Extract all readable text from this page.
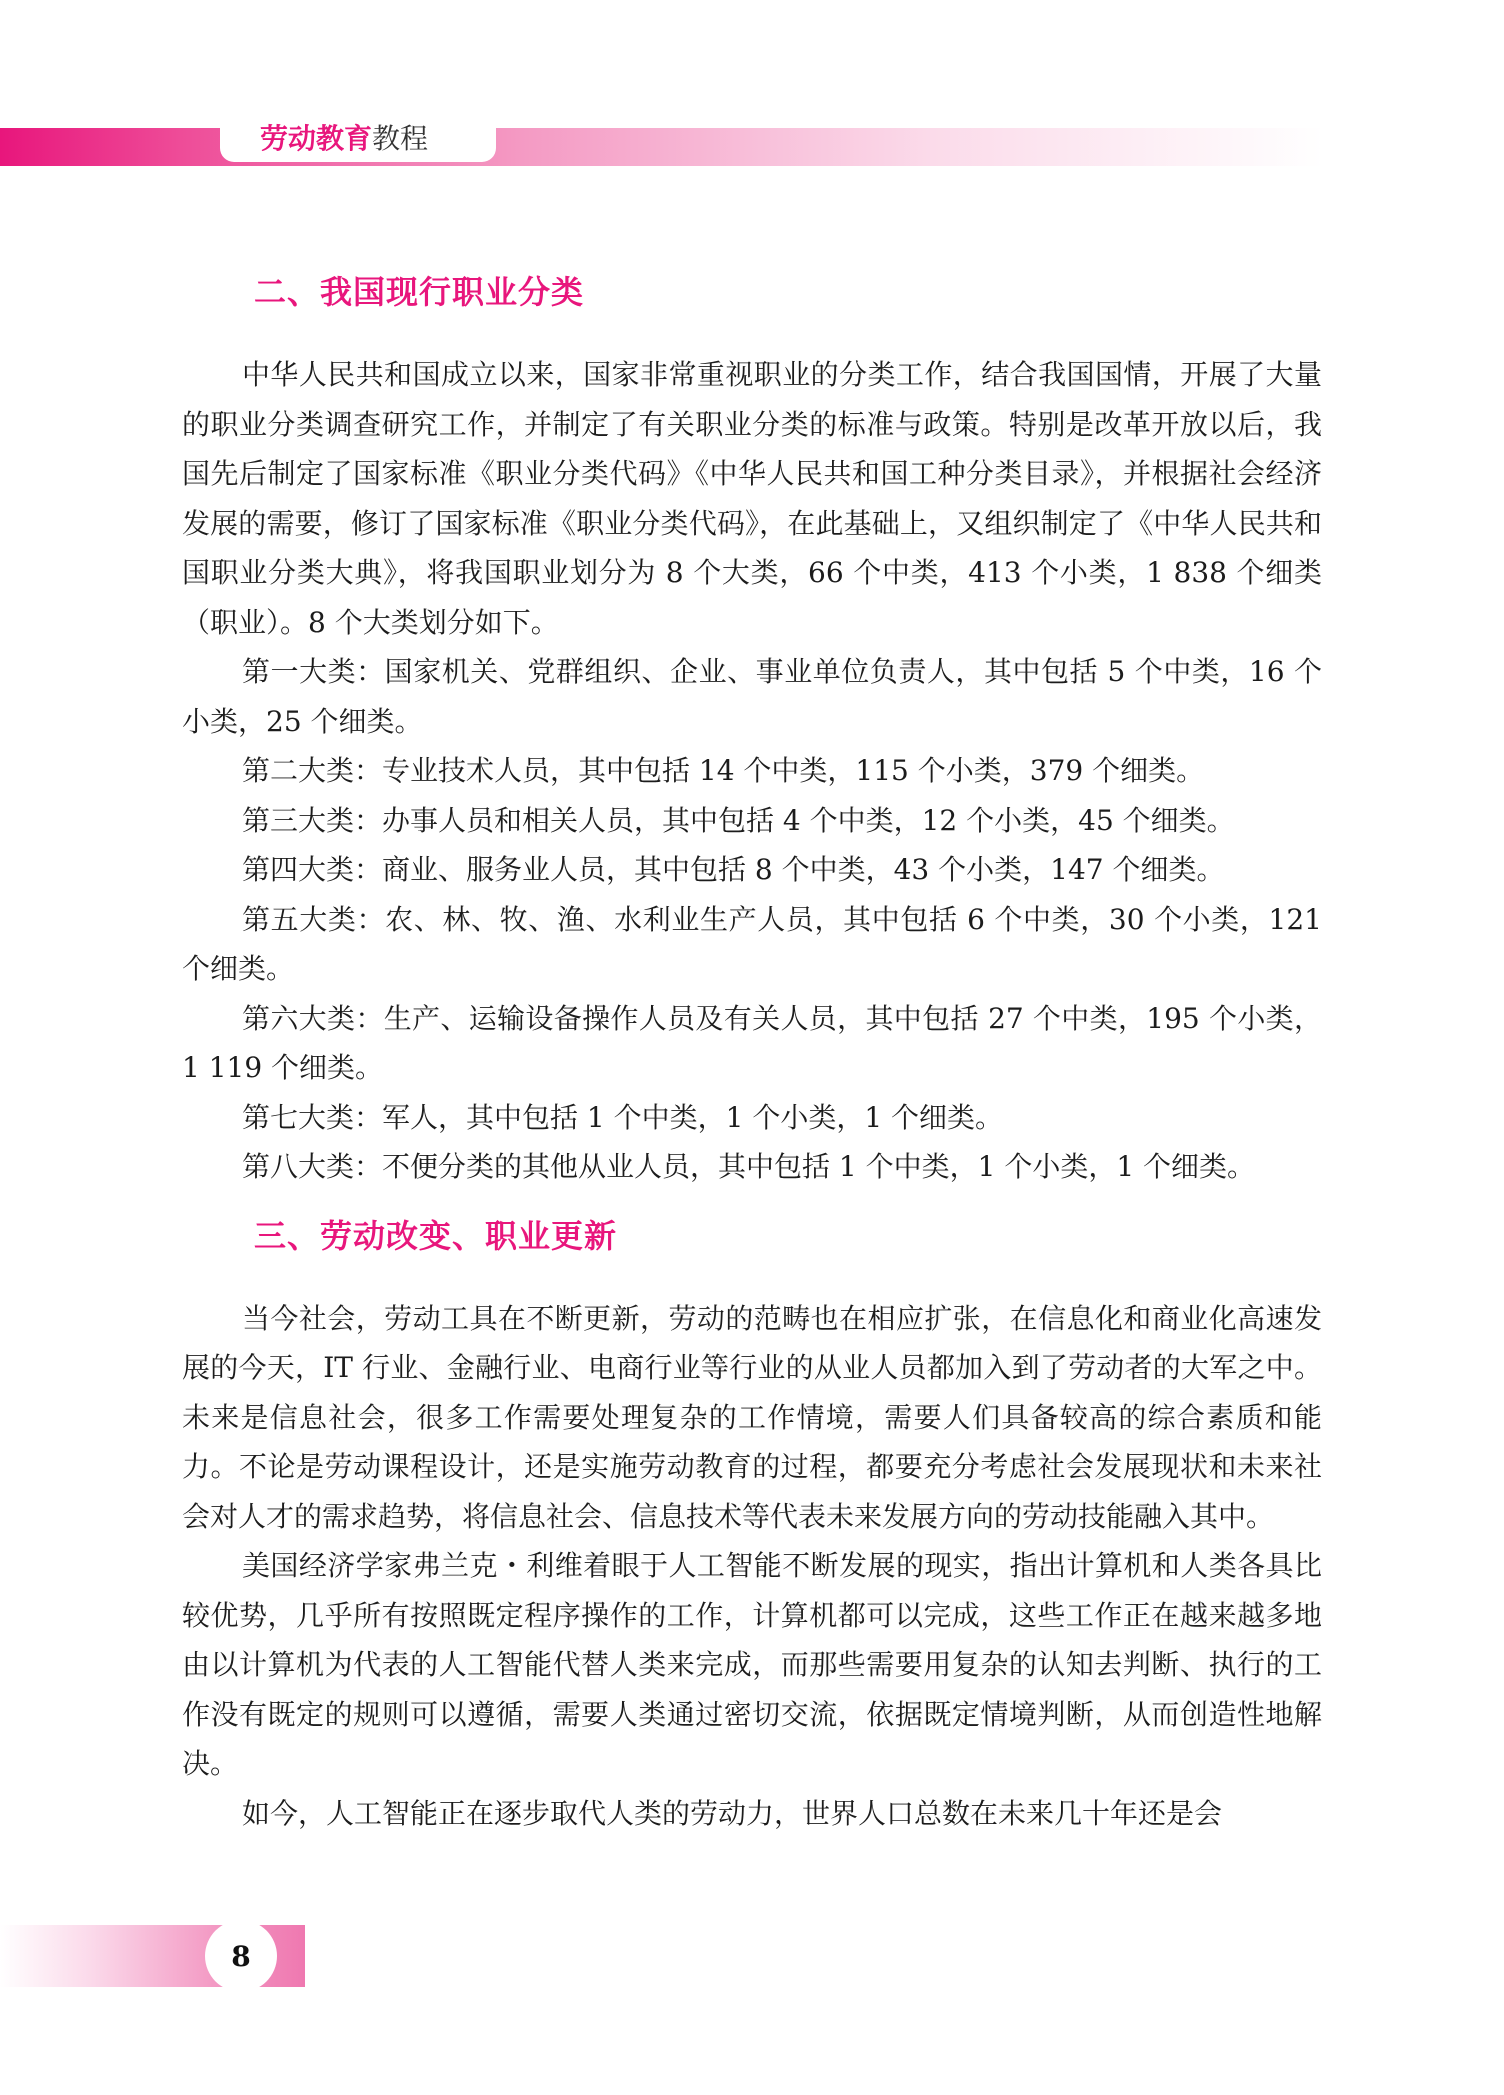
劳动教育 教程
二、我国现行职业分类

中华人民共和国成立以来，国家非常重视职业的分类工作，结合我国国情，开展了大量的职业分类调查研究工作，并制定了有关职业分类的标准与政策。特别是改革开放以后，我国先后制定了国家标准《职业分类代码》《中华人民共和国工种分类目录》，并根据社会经济发展的需要，修订了国家标准《职业分类代码》，在此基础上，又组织制定了《中华人民共和国职业分类大典》，将我国职业划分为 8 个大类，66 个中类，413 个小类，1 838 个细类（职业）。8 个大类划分如下。

第一大类：国家机关、党群组织、企业、事业单位负责人，其中包括 5 个中类，16 个小类，25 个细类。

第二大类：专业技术人员，其中包括 14 个中类，115 个小类，379 个细类。

第三大类：办事人员和相关人员，其中包括 4 个中类，12 个小类，45 个细类。

第四大类：商业、服务业人员，其中包括 8 个中类，43 个小类，147 个细类。

第五大类：农、林、牧、渔、水利业生产人员，其中包括 6 个中类，30 个小类，121 个细类。

第六大类：生产、运输设备操作人员及有关人员，其中包括 27 个中类，195 个小类，1 119 个细类。

第七大类：军人，其中包括 1 个中类，1 个小类，1 个细类。

第八大类：不便分类的其他从业人员，其中包括 1 个中类，1 个小类，1 个细类。

三、劳动改变、职业更新

当今社会，劳动工具在不断更新，劳动的范畴也在相应扩张，在信息化和商业化高速发展的今天，IT 行业、金融行业、电商行业等行业的从业人员都加入到了劳动者的大军之中。未来是信息社会，很多工作需要处理复杂的工作情境，需要人们具备较高的综合素质和能力。不论是劳动课程设计，还是实施劳动教育的过程，都要充分考虑社会发展现状和未来社会对人才的需求趋势，将信息社会、信息技术等代表未来发展方向的劳动技能融入其中。

美国经济学家弗兰克・利维着眼于人工智能不断发展的现实，指出计算机和人类各具比较优势，几乎所有按照既定程序操作的工作，计算机都可以完成，这些工作正在越来越多地由以计算机为代表的人工智能代替人类来完成，而那些需要用复杂的认知去判断、执行的工作没有既定的规则可以遵循，需要人类通过密切交流，依据既定情境判断，从而创造性地解决。

如今，人工智能正在逐步取代人类的劳动力，世界人口总数在未来几十年还是会

8
